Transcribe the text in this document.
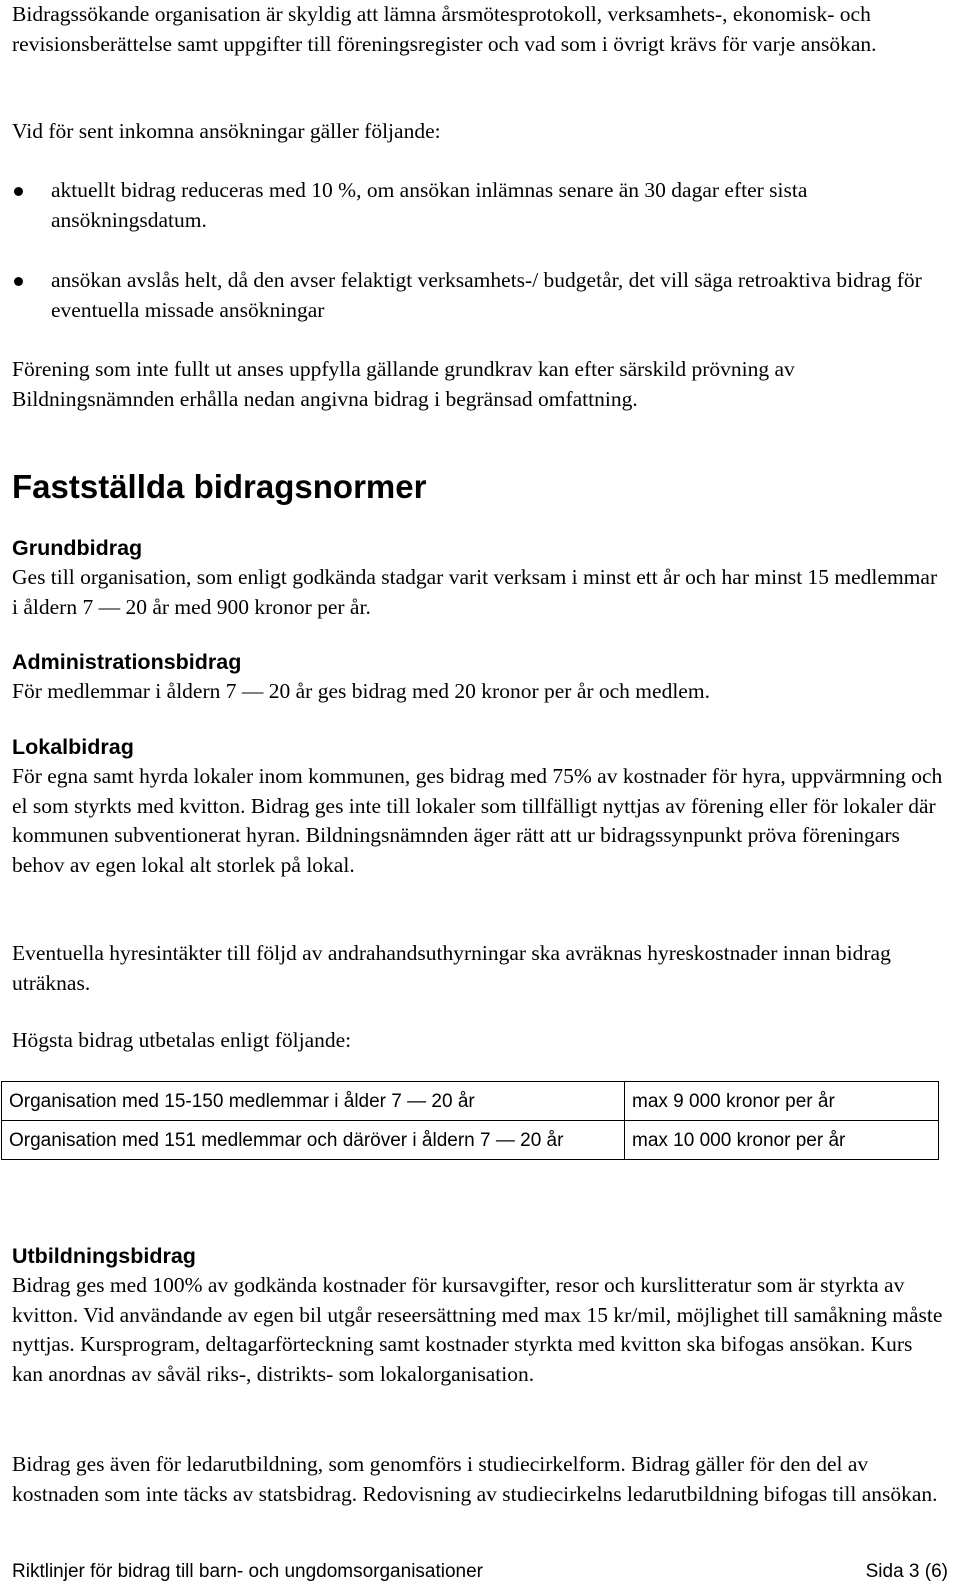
Bidragssökande organisation är skyldig att lämna årsmötesprotokoll, verksamhets-, ekonomisk- och revisionsberättelse samt uppgifter till föreningsregister och vad som i övrigt krävs för varje ansökan.

Vid för sent inkomna ansökningar gäller följande:

aktuellt bidrag reduceras med 10 %, om ansökan inlämnas senare än 30 dagar efter sista ansökningsdatum.

ansökan avslås helt, då den avser felaktigt verksamhets-/ budgetår, det vill säga retroaktiva bidrag för eventuella missade ansökningar

Förening som inte fullt ut anses uppfylla gällande grundkrav kan efter särskild prövning av Bildningsnämnden erhålla nedan angivna bidrag i begränsad omfattning.

Fastställda bidragsnormer
Grundbidrag

Ges till organisation, som enligt godkända stadgar varit verksam i minst ett år och har minst 15 medlemmar i åldern 7 — 20 år med 900 kronor per år.

Administrationsbidrag

För medlemmar i åldern 7 — 20 år ges bidrag med 20 kronor per år och medlem.

Lokalbidrag

För egna samt hyrda lokaler inom kommunen, ges bidrag med 75% av kostnader för hyra, uppvärmning och el som styrkts med kvitton. Bidrag ges inte till lokaler som tillfälligt nyttjas av förening eller för lokaler där kommunen subventionerat hyran. Bildningsnämnden äger rätt att ur bidragssynpunkt pröva föreningars behov av egen lokal alt storlek på lokal.

Eventuella hyresintäkter till följd av andrahandsuthyrningar ska avräknas hyreskostnader innan bidrag uträknas.

Högsta bidrag utbetalas enligt följande:

Organisation med 15-150 medlemmar i ålder 7 — 20 år	max 9 000 kronor per år
Organisation med 151 medlemmar och däröver i åldern 7 — 20 år	max 10 000 kronor per år
Utbildningsbidrag

Bidrag ges med 100% av godkända kostnader för kursavgifter, resor och kurslitteratur som är styrkta av kvitton. Vid användande av egen bil utgår reseersättning med max 15 kr/mil, möjlighet till samåkning måste nyttjas. Kursprogram, deltagarförteckning samt kostnader styrkta med kvitton ska bifogas ansökan. Kurs kan anordnas av såväl riks-, distrikts- som lokalorganisation.

Bidrag ges även för ledarutbildning, som genomförs i studiecirkelform. Bidrag gäller för den del av kostnaden som inte täcks av statsbidrag. Redovisning av studiecirkelns ledarutbildning bifogas till ansökan.

Riktlinjer för bidrag till barn- och ungdomsorganisationer	Sida 3 (6)
